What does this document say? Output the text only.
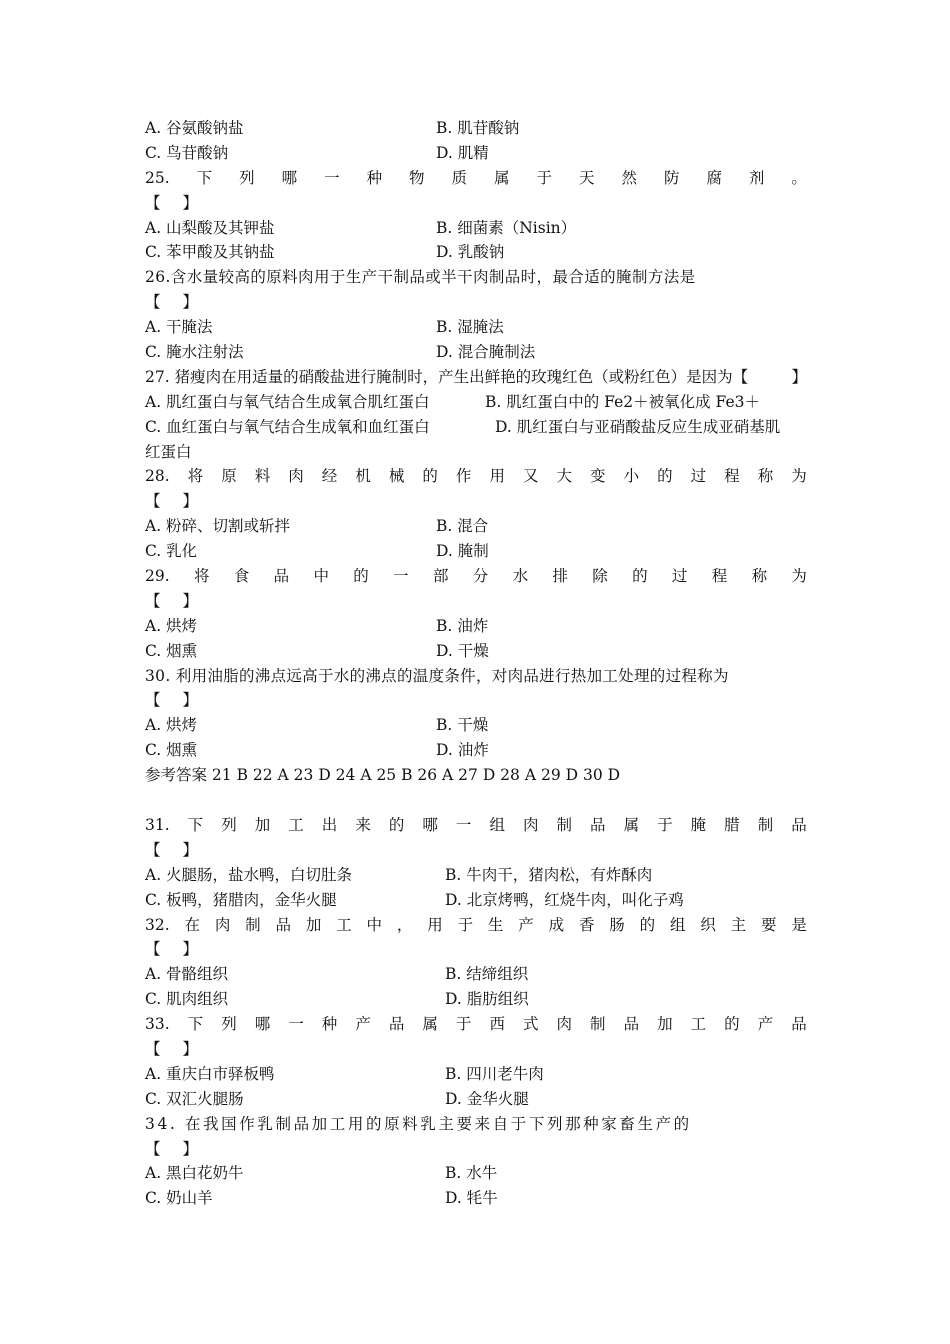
A. 谷氨酸钠盐	B. 肌苷酸钠
C. 鸟苷酸钠	D. 肌精
25. 下 列 哪 一 种 物 质 属 于 天 然 防 腐 剂 。
【 】
A. 山梨酸及其钾盐	B. 细菌素（Nisin）
C. 苯甲酸及其钠盐	D. 乳酸钠
26.含水量较高的原料肉用于生产干制品或半干肉制品时，最合适的腌制方法是
【 】
A. 干腌法	B. 湿腌法
C. 腌水注射法	D. 混合腌制法
27. 猪瘦肉在用适量的硝酸盐进行腌制时，产生出鲜艳的玫瑰红色（或粉红色）是因为【	】
A. 肌红蛋白与氧气结合生成氧合肌红蛋白	B. 肌红蛋白中的 Fe2＋被氧化成 Fe3＋
C. 血红蛋白与氧气结合生成氧和血红蛋白	D. 肌红蛋白与亚硝酸盐反应生成亚硝基肌
红蛋白
28. 将 原 料 肉 经 机 械 的 作 用 又 大 变 小 的 过 程 称 为
【 】
A. 粉碎、切割或斩拌	B. 混合
C. 乳化	D. 腌制
29. 将 食 品 中 的 一 部 分 水 排 除 的 过 程 称 为
【 】
A. 烘烤	B. 油炸
C. 烟熏	D. 干燥
30. 利用油脂的沸点远高于水的沸点的温度条件，对肉品进行热加工处理的过程称为
【 】
A. 烘烤	B. 干燥
C. 烟熏	D. 油炸
参考答案 21 B 22 A 23 D 24 A 25 B 26 A 27 D 28 A 29 D 30 D
31. 下 列 加 工 出 来 的 哪 一 组 肉 制 品 属 于 腌 腊 制 品
【 】
A. 火腿肠，盐水鸭，白切肚条	B. 牛肉干，猪肉松，有炸酥肉
C. 板鸭，猪腊肉，金华火腿	D. 北京烤鸭，红烧牛肉，叫化子鸡
32. 在 肉 制 品 加 工 中 ， 用 于 生 产 成 香 肠 的 组 织 主 要 是
【 】
A. 骨骼组织	B. 结缔组织
C. 肌肉组织	D. 脂肪组织
33. 下 列 哪 一 种 产 品 属 于 西 式 肉 制 品 加 工 的 产 品
【 】
A. 重庆白市驿板鸭	B. 四川老牛肉
C. 双汇火腿肠	D. 金华火腿
34. 在我国作乳制品加工用的原料乳主要来自于下列那种家畜生产的
【 】
A. 黑白花奶牛	B. 水牛
C. 奶山羊	D. 牦牛
